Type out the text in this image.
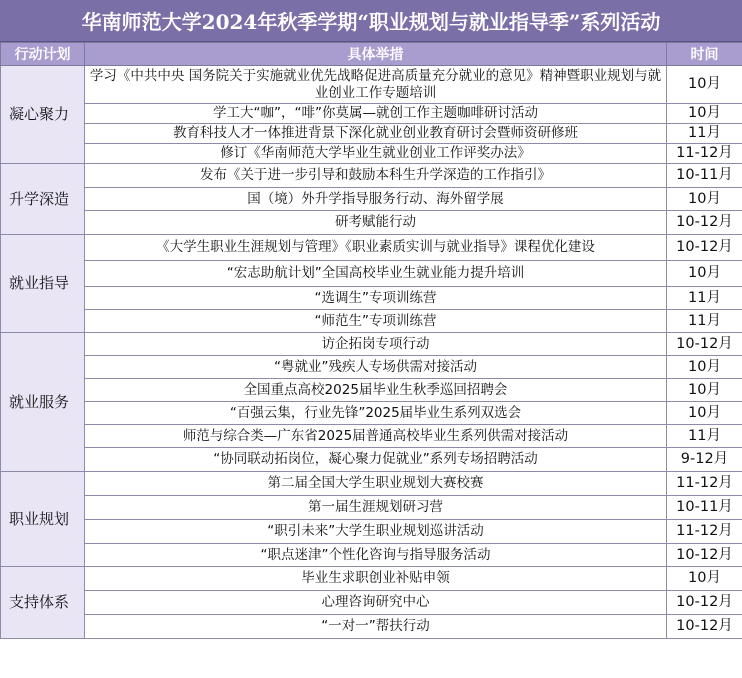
华南师范大学2024年秋季学期“职业规划与就业指导季”系列活动
行动计划	具体举措	时间
凝心聚力	学习《中共中央 国务院关于实施就业优先战略促进高质量充分就业的意见》精神暨职业规划与就业创业工作专题培训	10月
	学工大“咖”，“啡”你莫属—就创工作主题咖啡研讨活动	10月
	教育科技人才一体推进背景下深化就业创业教育研讨会暨师资研修班	11月
	修订《华南师范大学毕业生就业创业工作评奖办法》	11-12月
升学深造	发布《关于进一步引导和鼓励本科生升学深造的工作指引》	10-11月
	国（境）外升学指导服务行动、海外留学展	10月
	研考赋能行动	10-12月
就业指导	《大学生职业生涯规划与管理》《职业素质实训与就业指导》课程优化建设	10-12月
	“宏志助航计划”全国高校毕业生就业能力提升培训	10月
	“选调生”专项训练营	11月
	“师范生”专项训练营	11月
就业服务	访企拓岗专项行动	10-12月
	“粤就业”残疾人专场供需对接活动	10月
	全国重点高校2025届毕业生秋季巡回招聘会	10月
	“百强云集，行业先锋”2025届毕业生系列双选会	10月
	师范与综合类—广东省2025届普通高校毕业生系列供需对接活动	11月
	“协同联动拓岗位，凝心聚力促就业”系列专场招聘活动	9-12月
职业规划	第二届全国大学生职业规划大赛校赛	11-12月
	第一届生涯规划研习营	10-11月
	“职引未来”大学生职业规划巡讲活动	11-12月
	“职点迷津”个性化咨询与指导服务活动	10-12月
支持体系	毕业生求职创业补贴申领	10月
	心理咨询研究中心	10-12月
	“一对一”帮扶行动	10-12月
